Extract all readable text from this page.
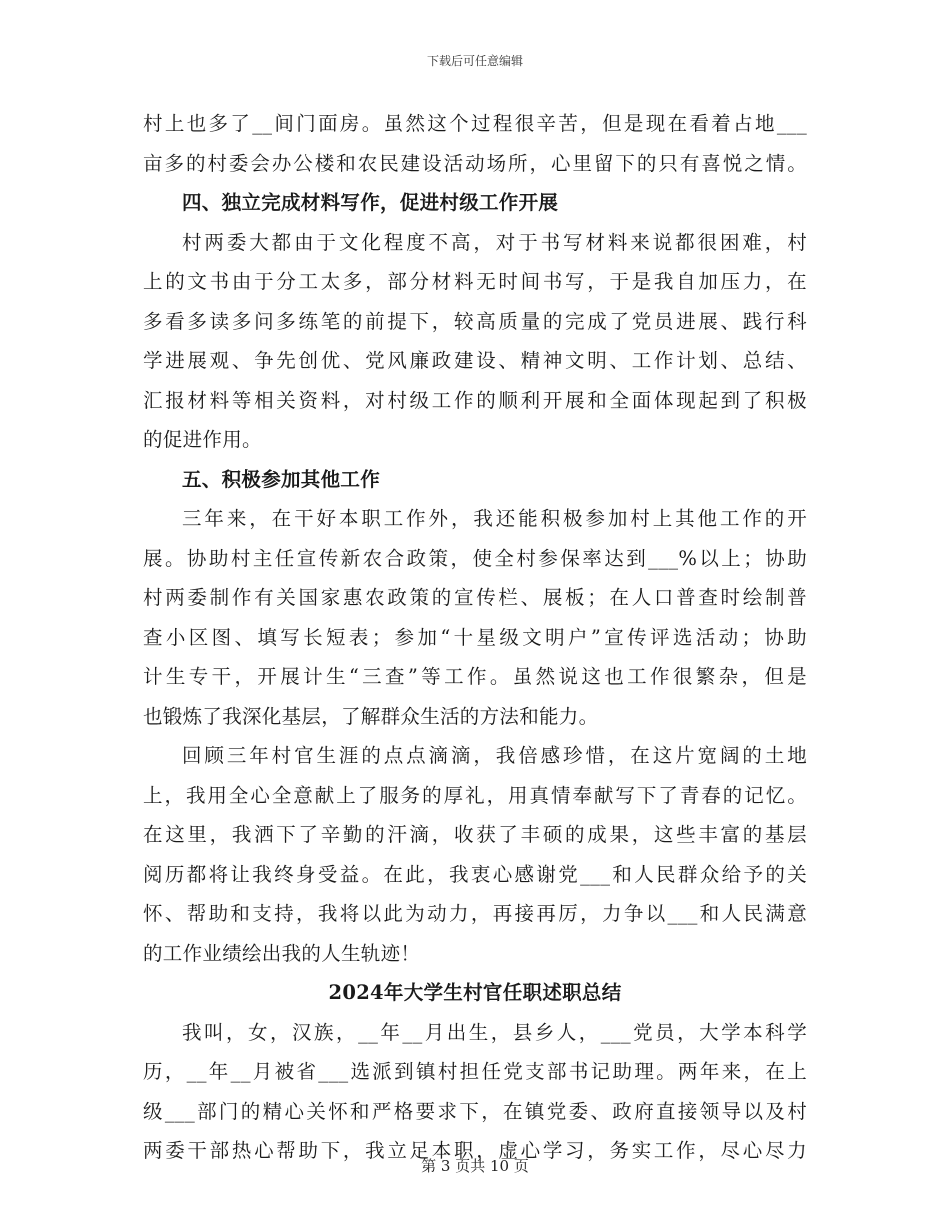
下载后可任意编辑
村上也多了__间门面房。虽然这个过程很辛苦，但是现在看着占地___
亩多的村委会办公楼和农民建设活动场所，心里留下的只有喜悦之情。
四、独立完成材料写作，促进村级工作开展
村两委大都由于文化程度不高，对于书写材料来说都很困难，村
上的文书由于分工太多，部分材料无时间书写，于是我自加压力，在
多看多读多问多练笔的前提下，较高质量的完成了党员进展、践行科
学进展观、争先创优、党风廉政建设、精神文明、工作计划、总结、
汇报材料等相关资料，对村级工作的顺利开展和全面体现起到了积极
的促进作用。
五、积极参加其他工作
三年来，在干好本职工作外，我还能积极参加村上其他工作的开
展。协助村主任宣传新农合政策，使全村参保率达到___%以上；协助
村两委制作有关国家惠农政策的宣传栏、展板；在人口普查时绘制普
查小区图、填写长短表；参加“十星级文明户”宣传评选活动；协助
计生专干，开展计生“三查”等工作。虽然说这也工作很繁杂，但是
也锻炼了我深化基层，了解群众生活的方法和能力。
回顾三年村官生涯的点点滴滴，我倍感珍惜，在这片宽阔的土地
上，我用全心全意献上了服务的厚礼，用真情奉献写下了青春的记忆。
在这里，我洒下了辛勤的汗滴，收获了丰硕的成果，这些丰富的基层
阅历都将让我终身受益。在此，我衷心感谢党___和人民群众给予的关
怀、帮助和支持，我将以此为动力，再接再厉，力争以___和人民满意
的工作业绩绘出我的人生轨迹！
2024年大学生村官任职述职总结
我叫，女，汉族，__年__月出生，县乡人，___党员，大学本科学
历，__年__月被省___选派到镇村担任党支部书记助理。两年来，在上
级___部门的精心关怀和严格要求下，在镇党委、政府直接领导以及村
两委干部热心帮助下，我立足本职，虚心学习，务实工作，尽心尽力
第 3 页共 10 页
